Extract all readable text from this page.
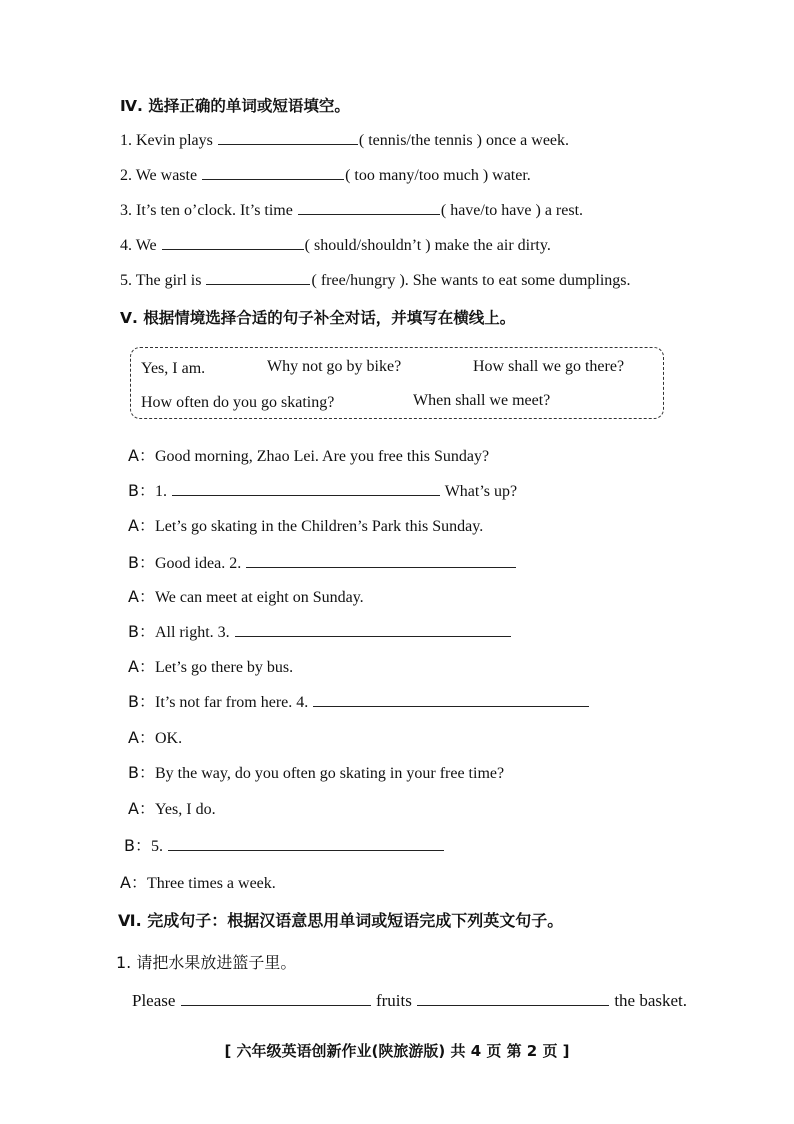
Ⅳ. 选择正确的单词或短语填空。
1. Kevin plays	( tennis/the tennis ) once a week.
2. We waste	( too many/too much ) water.
3. It’s ten o’clock. It’s time	( have/to have ) a rest.
4. We	( should/shouldn’t ) make the air dirty.
5. The girl is	( free/hungry ). She wants to eat some dumplings.
Ⅴ. 根据情境选择合适的句子补全对话，并填写在横线上。
Yes, I am.	Why not go by bike?	How shall we go there?
How often do you go skating?	When shall we meet?
A：Good morning, Zhao Lei. Are you free this Sunday?
B：1.	What’s up?
A：Let’s go skating in the Children’s Park this Sunday.
B：Good idea. 2.
A：We can meet at eight on Sunday.
B：All right. 3.
A：Let’s go there by bus.
B：It’s not far from here. 4.
A：OK.
B：By the way, do you often go skating in your free time?
A：Yes, I do.
B：5.
A：Three times a week.
Ⅵ. 完成句子：根据汉语意思用单词或短语完成下列英文句子。
1. 请把水果放进篮子里。
Please	fruits	the basket.
[ 六年级英语创新作业(陕旅游版) 共 4 页 第 2 页 ]
